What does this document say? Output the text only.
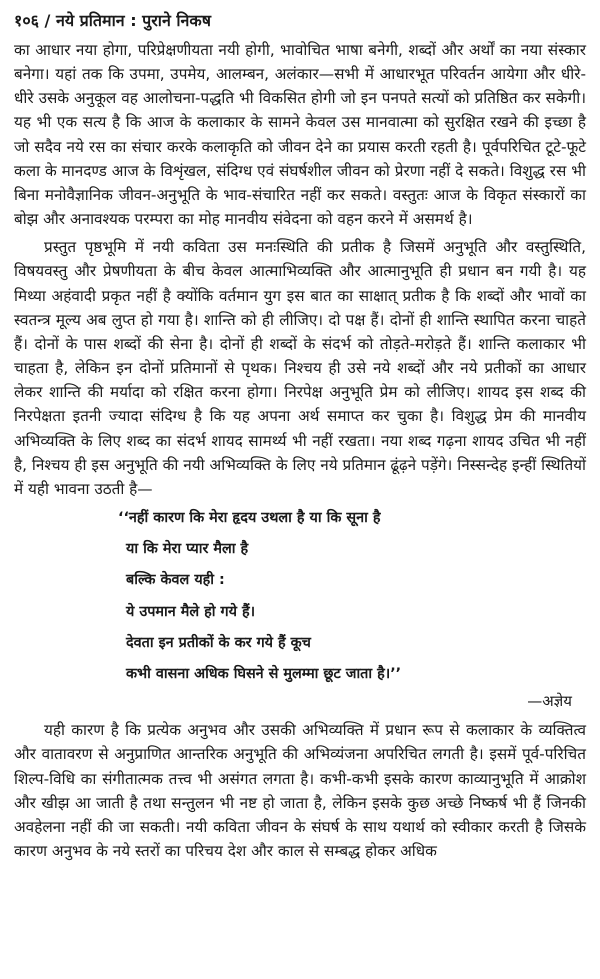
१०६ / नये प्रतिमान : पुराने निकष

का आधार नया होगा, परिप्रेक्षणीयता नयी होगी, भावोचित भाषा बनेगी, शब्दों और अर्थों का नया संस्कार बनेगा। यहां तक कि उपमा, उपमेय, आलम्बन, अलंकार—सभी में आधारभूत परिवर्तन आयेगा और धीरे-धीरे उसके अनुकूल वह आलोचना-पद्धति भी विकसित होगी जो इन पनपते सत्यों को प्रतिष्ठित कर सकेगी। यह भी एक सत्य है कि आज के कलाकार के सामने केवल उस मानवात्मा को सुरक्षित रखने की इच्छा है जो सदैव नये रस का संचार करके कलाकृति को जीवन देने का प्रयास करती रहती है। पूर्वपरिचित टूटे-फूटे कला के मानदण्ड आज के विशृंखल, संदिग्ध एवं संघर्षशील जीवन को प्रेरणा नहीं दे सकते। विशुद्ध रस भी बिना मनोवैज्ञानिक जीवन-अनुभूति के भाव-संचारित नहीं कर सकते। वस्तुतः आज के विकृत संस्कारों का बोझ और अनावश्यक परम्परा का मोह मानवीय संवेदना को वहन करने में असमर्थ है।

प्रस्तुत पृष्ठभूमि में नयी कविता उस मनःस्थिति की प्रतीक है जिसमें अनुभूति और वस्तुस्थिति, विषयवस्तु और प्रेषणीयता के बीच केवल आत्माभिव्यक्ति और आत्मानुभूति ही प्रधान बन गयी है। यह मिथ्या अहंवादी प्रकृत नहीं है क्योंकि वर्तमान युग इस बात का साक्षात् प्रतीक है कि शब्दों और भावों का स्वतन्त्र मूल्य अब लुप्त हो गया है। शान्ति को ही लीजिए। दो पक्ष हैं। दोनों ही शान्ति स्थापित करना चाहते हैं। दोनों के पास शब्दों की सेना है। दोनों ही शब्दों के संदर्भ को तोड़ते-मरोड़ते हैं। शान्ति कलाकार भी चाहता है, लेकिन इन दोनों प्रतिमानों से पृथक। निश्चय ही उसे नये शब्दों और नये प्रतीकों का आधार लेकर शान्ति की मर्यादा को रक्षित करना होगा। निरपेक्ष अनुभूति प्रेम को लीजिए। शायद इस शब्द की निरपेक्षता इतनी ज्यादा संदिग्ध है कि यह अपना अर्थ समाप्त कर चुका है। विशुद्ध प्रेम की मानवीय अभिव्यक्ति के लिए शब्द का संदर्भ शायद सामर्थ्य भी नहीं रखता। नया शब्द गढ़ना शायद उचित भी नहीं है, निश्चय ही इस अनुभूति की नयी अभिव्यक्ति के लिए नये प्रतिमान ढूंढ़ने पड़ेंगे। निस्सन्देह इन्हीं स्थितियों में यही भावना उठती है—

‘‘नहीं कारण कि मेरा हृदय उथला है या कि सूना है
या कि मेरा प्यार मैला है
बल्कि केवल यही :
ये उपमान मैले हो गये हैं।
देवता इन प्रतीकों के कर गये हैं कूच
कभी वासना अधिक घिसने से मुलम्मा छूट जाता है।’’
—अज्ञेय

यही कारण है कि प्रत्येक अनुभव और उसकी अभिव्यक्ति में प्रधान रूप से कलाकार के व्यक्तित्व और वातावरण से अनुप्राणित आन्तरिक अनुभूति की अभिव्यंजना अपरिचित लगती है। इसमें पूर्व-परिचित शिल्प-विधि का संगीतात्मक तत्त्व भी असंगत लगता है। कभी-कभी इसके कारण काव्यानुभूति में आक्रोश और खीझ आ जाती है तथा सन्तुलन भी नष्ट हो जाता है, लेकिन इसके कुछ अच्छे निष्कर्ष भी हैं जिनकी अवहेलना नहीं की जा सकती। नयी कविता जीवन के संघर्ष के साथ यथार्थ को स्वीकार करती है जिसके कारण अनुभव के नये स्तरों का परिचय देश और काल से सम्बद्ध होकर अधिक
